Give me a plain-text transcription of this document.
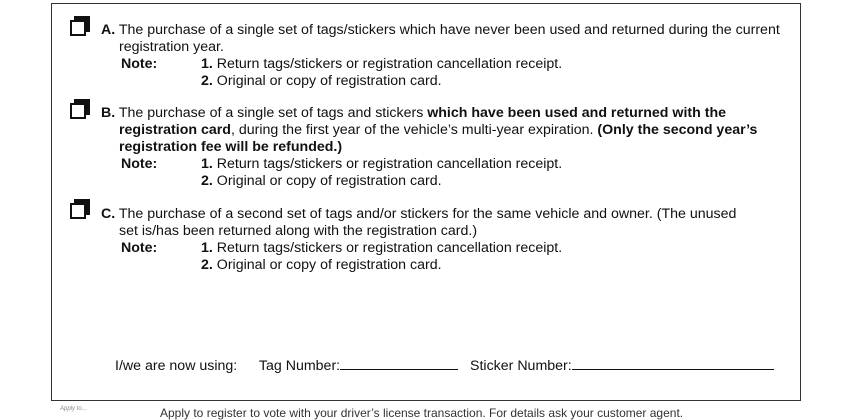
A. The purchase of a single set of tags/stickers which have never been used and returned during the current
registration year.
Note:	1. Return tags/stickers or registration cancellation receipt.
2. Original or copy of registration card.
B. The purchase of a single set of tags and stickers which have been used and returned with the
registration card, during the first year of the vehicle’s multi-year expiration. (Only the second year’s
registration fee will be refunded.)
Note:	1. Return tags/stickers or registration cancellation receipt.
2. Original or copy of registration card.
C. The purchase of a second set of tags and/or stickers for the same vehicle and owner. (The unused
set is/has been returned along with the registration card.)
Note:	1. Return tags/stickers or registration cancellation receipt.
2. Original or copy of registration card.
I/we are now using: Tag Number:	Sticker Number:
Apply to...	Apply to register to vote with your driver’s license transaction. For details ask your customer agent.
